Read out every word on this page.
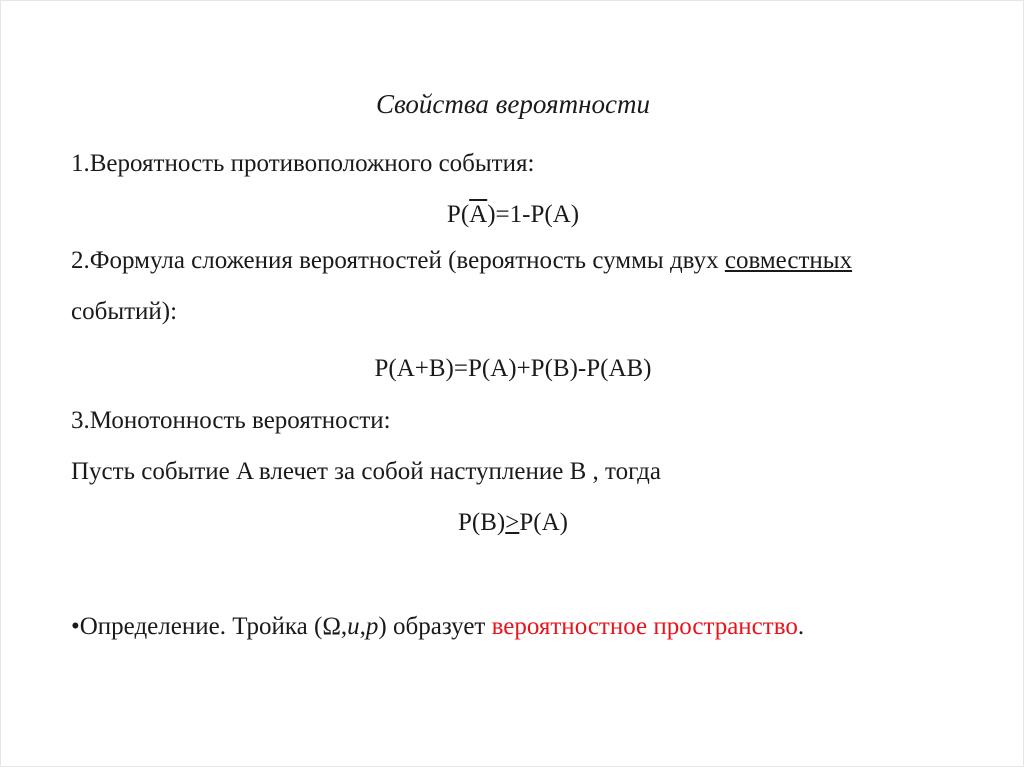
Свойства вероятности
1.Вероятность противоположного события:
$P(\overline{A})=1-P(A)$
2.Формула сложения вероятностей (вероятность суммы двух совместных
событий):
P(A+B)=P(A)+P(B)-P(AB)
3.Монотонность вероятности:
Пусть событие A влечет за собой наступление B , тогда
P(B)>P(A)
•Определение. Тройка (Ω,u,p) образует вероятностное пространство.
